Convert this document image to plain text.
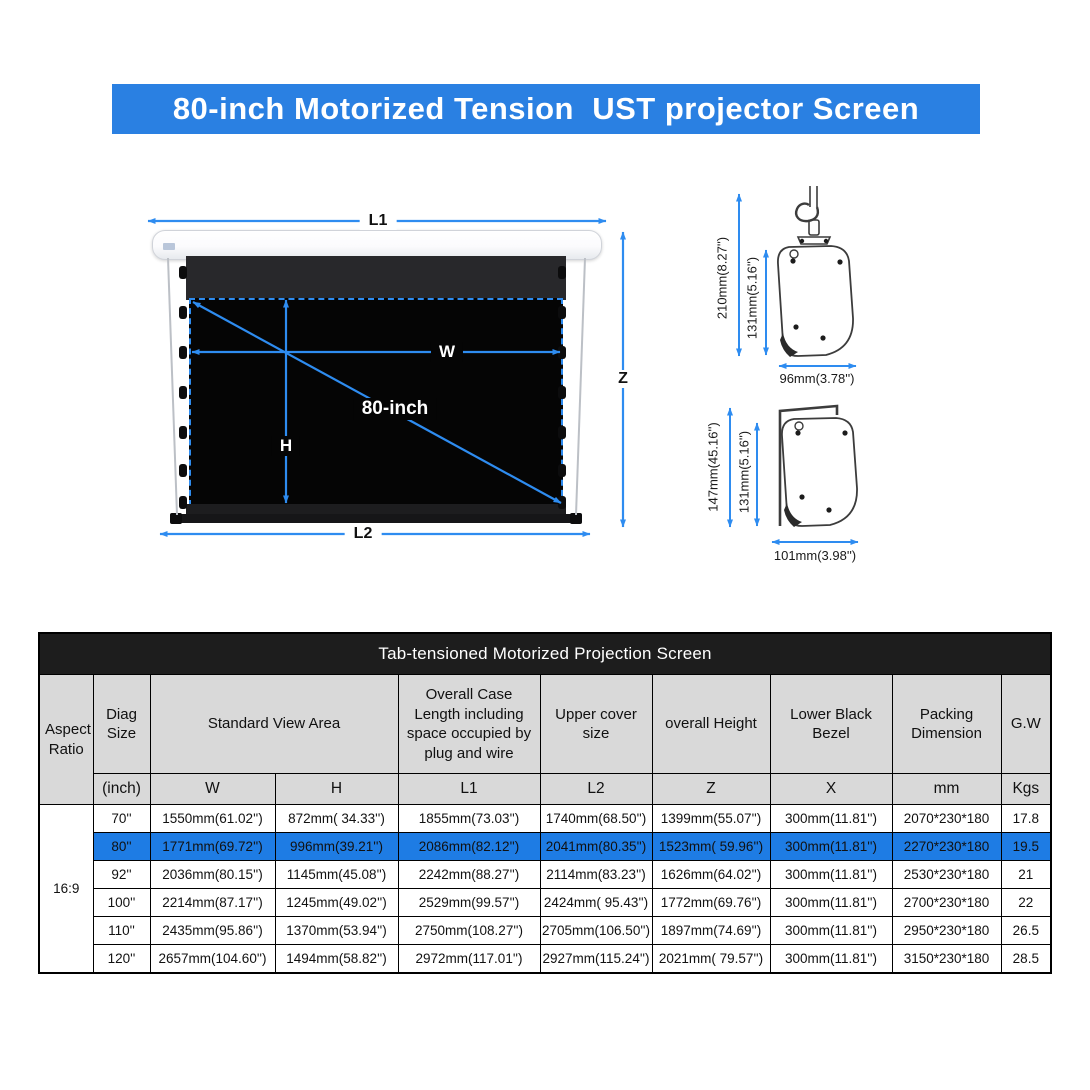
80-inch Motorized Tension  UST projector Screen
L1
Z
L2
W
H
80-inch
210mm(8.27'') 131mm(5.16'')
96mm(3.78'')
147mm(45.16'') 131mm(5.16'')
101mm(3.98'')
Tab-tensioned Motorized Projection Screen									
Aspect Ratio	Diag Size	Standard View Area		Overall Case Length including space occupied by plug and wire	Upper cover size	overall Height	Lower Black Bezel	Packing Dimension	G.W
	(inch)	W	H	L1	L2	Z	X	mm	Kgs
16:9	70''	1550mm(61.02'')	872mm( 34.33'')	1855mm(73.03'')	1740mm(68.50'')	1399mm(55.07'')	300mm(11.81'')	2070*230*180	17.8
	80''	1771mm(69.72'')	996mm(39.21'')	2086mm(82.12'')	2041mm(80.35'')	1523mm( 59.96'')	300mm(11.81'')	2270*230*180	19.5
	92''	2036mm(80.15'')	1145mm(45.08'')	2242mm(88.27'')	2114mm(83.23'')	1626mm(64.02'')	300mm(11.81'')	2530*230*180	21
	100''	2214mm(87.17'')	1245mm(49.02'')	2529mm(99.57'')	2424mm( 95.43'')	1772mm(69.76'')	300mm(11.81'')	2700*230*180	22
	110''	2435mm(95.86'')	1370mm(53.94'')	2750mm(108.27'')	2705mm(106.50'')	1897mm(74.69'')	300mm(11.81'')	2950*230*180	26.5
	120''	2657mm(104.60'')	1494mm(58.82'')	2972mm(117.01'')	2927mm(115.24'')	2021mm( 79.57'')	300mm(11.81'')	3150*230*180	28.5
